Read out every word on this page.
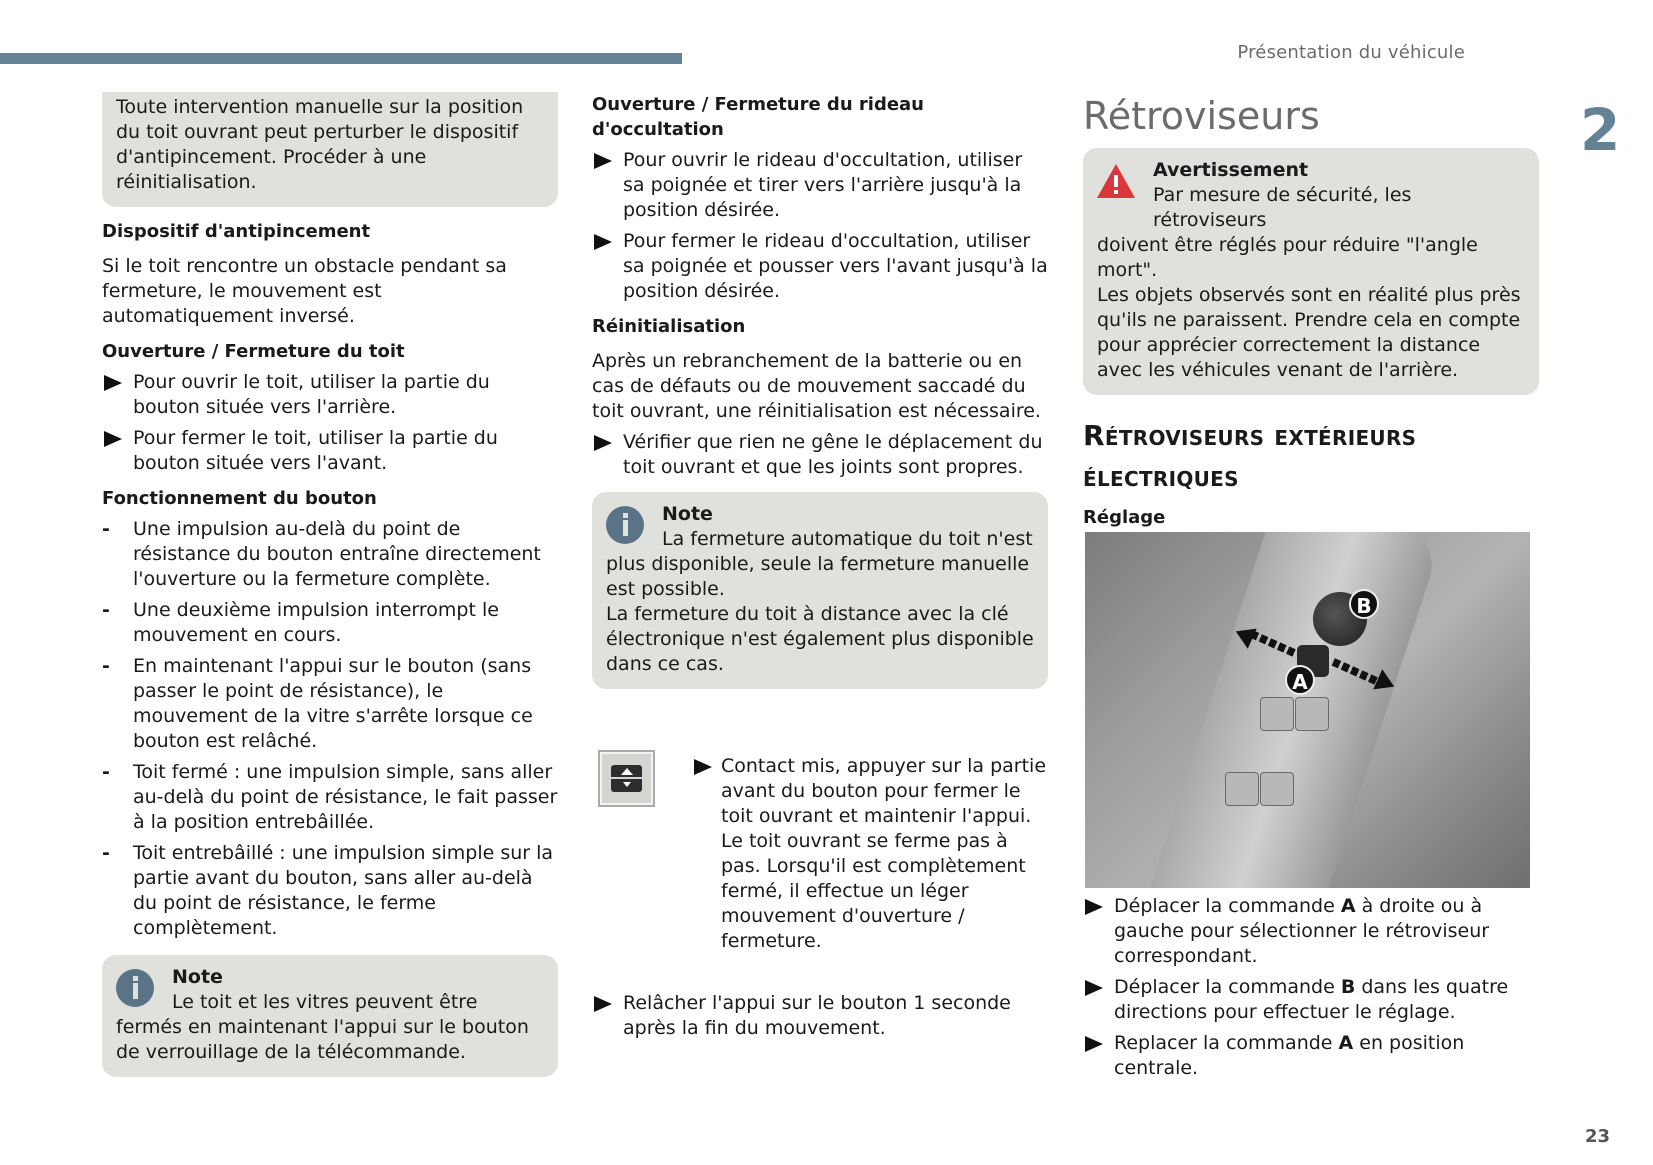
Présentation du véhicule
2

Toute intervention manuelle sur la position du toit ouvrant peut perturber le dispositif d'antipincement. Procéder à une réinitialisation.

Dispositif d'antipincement

Si le toit rencontre un obstacle pendant sa fermeture, le mouvement est automatiquement inversé.

Ouverture / Fermeture du toit
Pour ouvrir le toit, utiliser la partie du bouton située vers l'arrière.
Pour fermer le toit, utiliser la partie du bouton située vers l'avant.
Fonctionnement du bouton
- Une impulsion au-delà du point de résistance du bouton entraîne directement l'ouverture ou la fermeture complète.
- Une deuxième impulsion interrompt le mouvement en cours.
- En maintenant l'appui sur le bouton (sans passer le point de résistance), le mouvement de la vitre s'arrête lorsque ce bouton est relâché.
- Toit fermé : une impulsion simple, sans aller au-delà du point de résistance, le fait passer à la position entrebâillée.
- Toit entrebâillé : une impulsion simple sur la partie avant du bouton, sans aller au-delà du point de résistance, le ferme complètement.
Note
Le toit et les vitres peuvent être

fermés en maintenant l'appui sur le bouton de verrouillage de la télécommande.

Ouverture / Fermeture du rideau d'occultation
Pour ouvrir le rideau d'occultation, utiliser sa poignée et tirer vers l'arrière jusqu'à la position désirée.
Pour fermer le rideau d'occultation, utiliser sa poignée et pousser vers l'avant jusqu'à la position désirée.
Réinitialisation

Après un rebranchement de la batterie ou en cas de défauts ou de mouvement saccadé du toit ouvrant, une réinitialisation est nécessaire.

Vérifier que rien ne gêne le déplacement du toit ouvrant et que les joints sont propres.
Note
La fermeture automatique du toit n'est

plus disponible, seule la fermeture manuelle est possible.

La fermeture du toit à distance avec la clé électronique n'est également plus disponible dans ce cas.

Contact mis, appuyer sur la partie avant du bouton pour fermer le toit ouvrant et maintenir l'appui.

Le toit ouvrant se ferme pas à pas. Lorsqu'il est complètement fermé, il effectue un léger mouvement d'ouverture / fermeture.

Relâcher l'appui sur le bouton 1 seconde après la fin du mouvement.
Rétroviseurs
Avertissement
Par mesure de sécurité, les rétroviseurs

doivent être réglés pour réduire "l'angle mort".

Les objets observés sont en réalité plus près qu'ils ne paraissent. Prendre cela en compte pour apprécier correctement la distance avec les véhicules venant de l'arrière.

Rétroviseurs extérieurs
électriques
Réglage
B
A
Déplacer la commande A à droite ou à gauche pour sélectionner le rétroviseur correspondant.
Déplacer la commande B dans les quatre directions pour effectuer le réglage.
Replacer la commande A en position centrale.
23
